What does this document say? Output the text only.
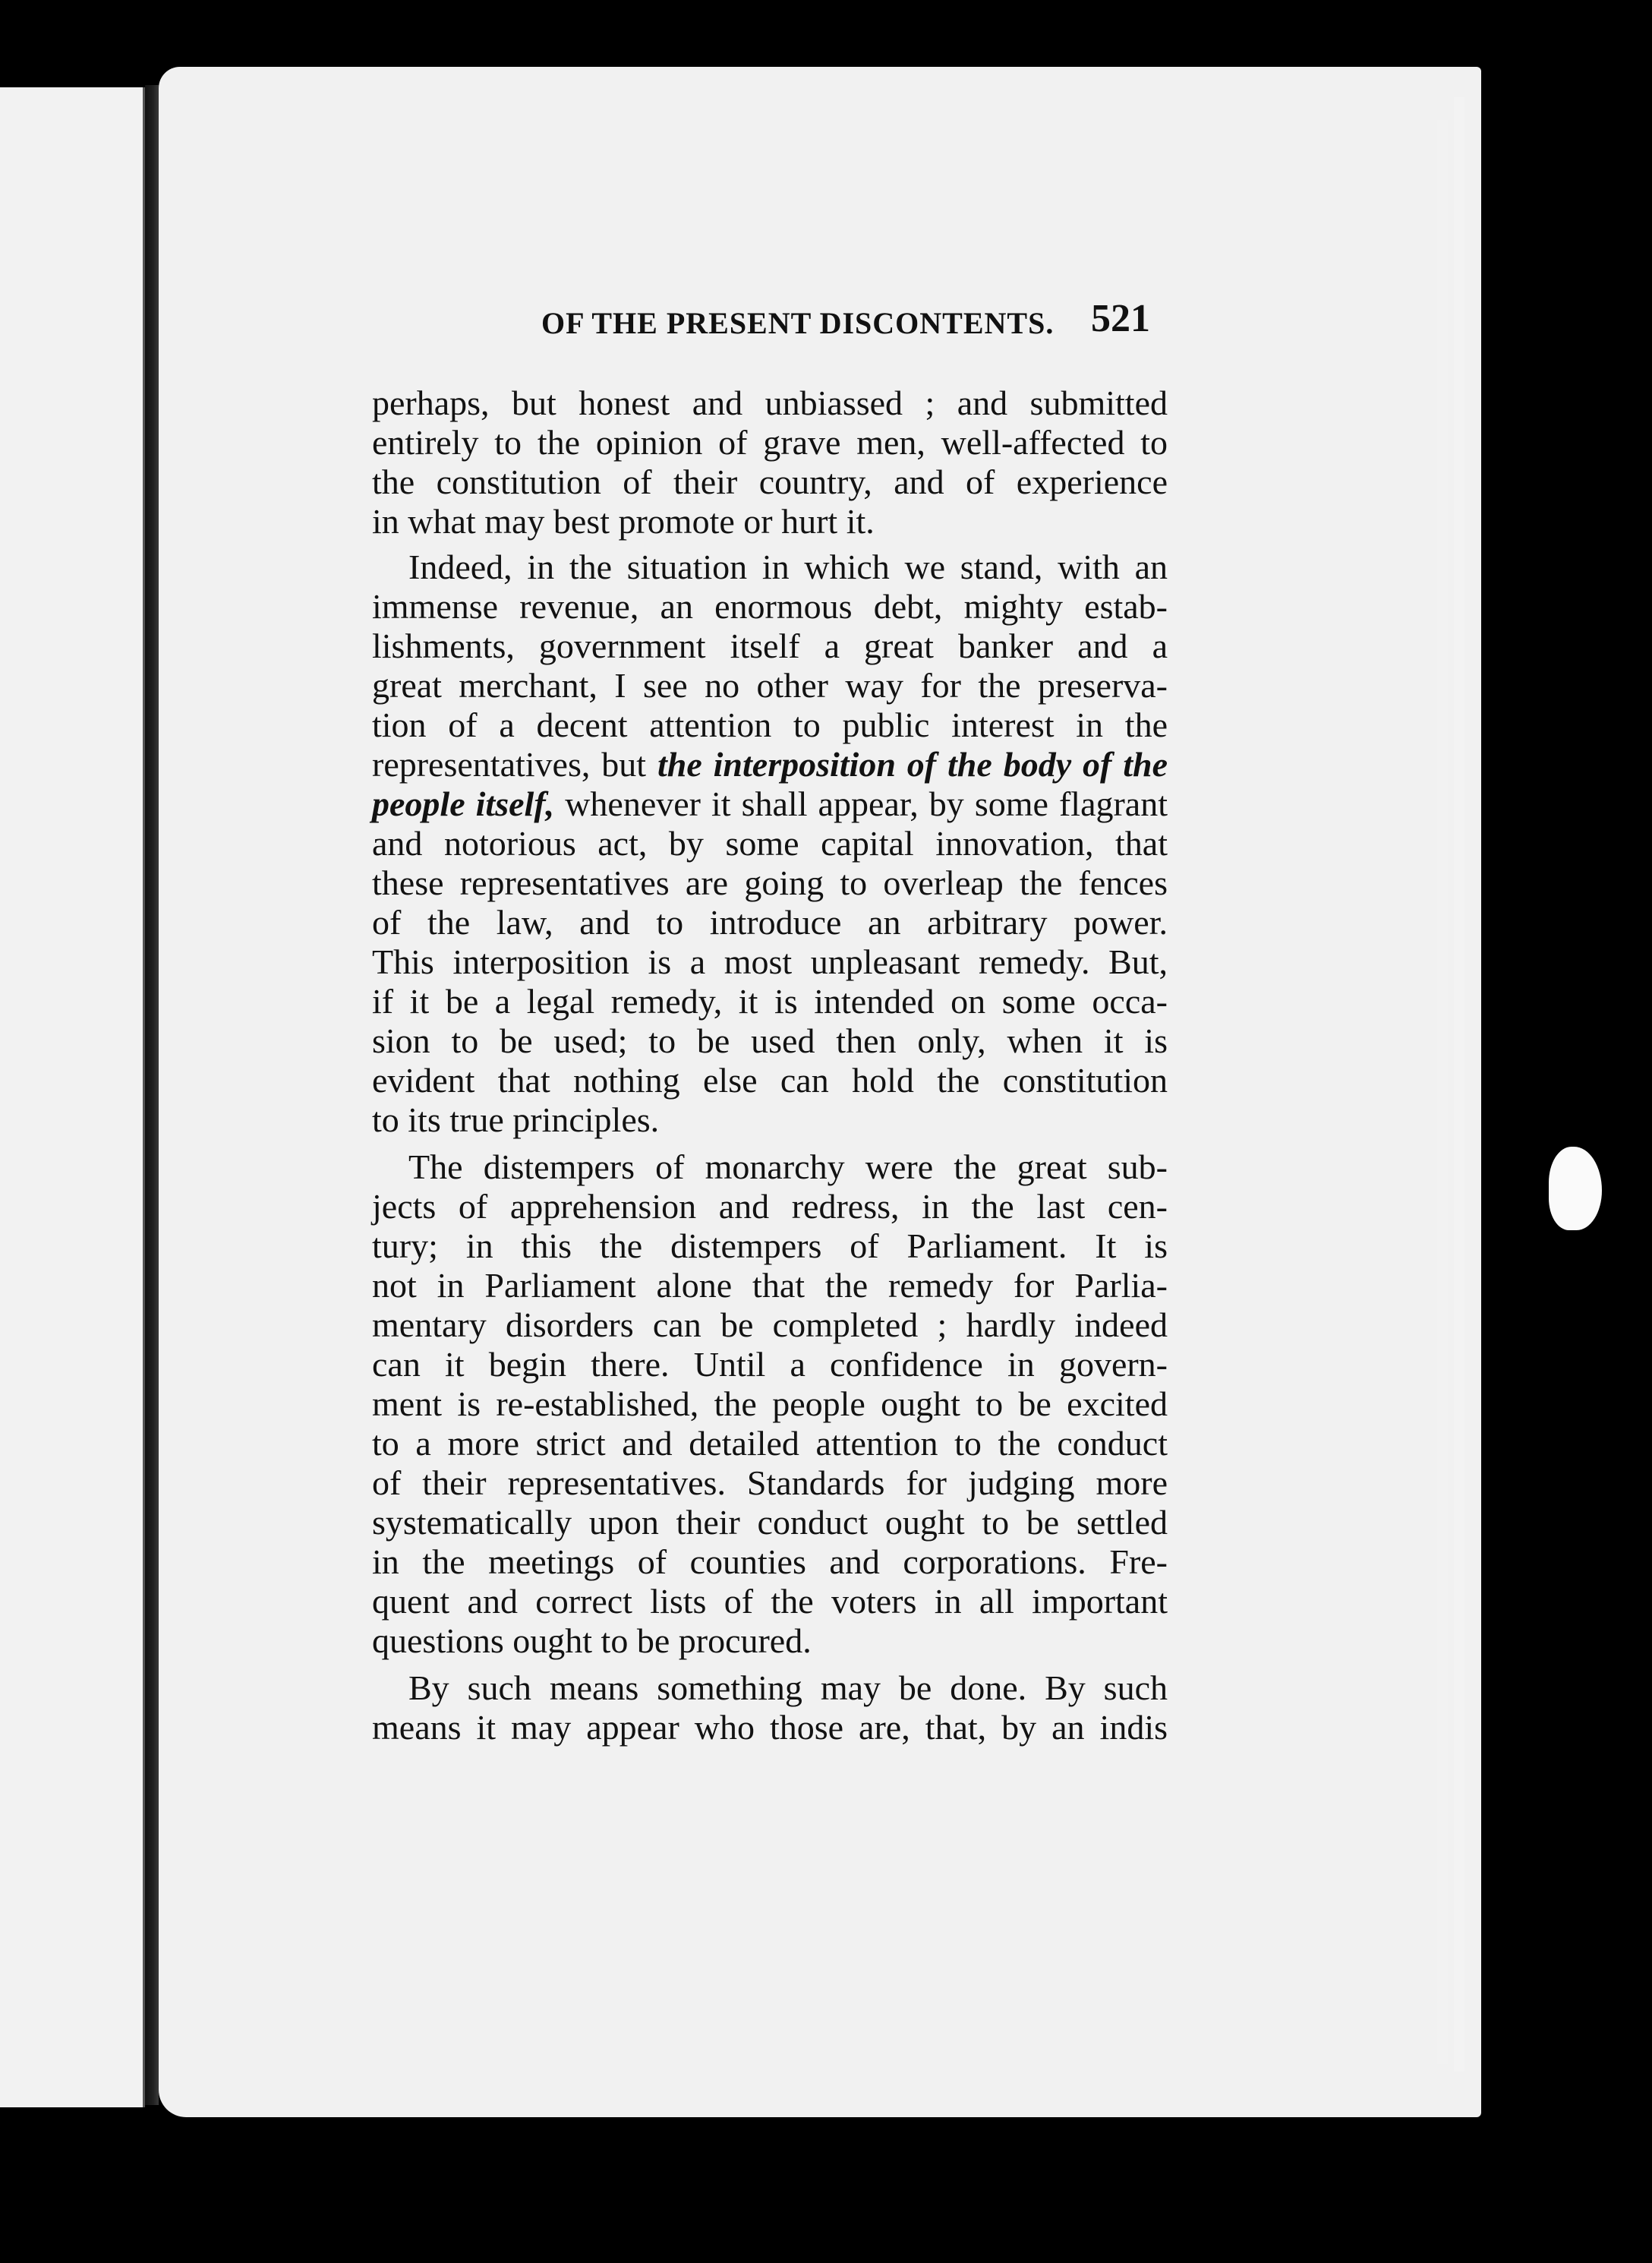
OF THE PRESENT DISCONTENTS. 521
perhaps, but honest and unbiassed ; and submitted
entirely to the opinion of grave men, well-affected to
the constitution of their country, and of experience
in what may best promote or hurt it.
Indeed, in the situation in which we stand, with an
immense revenue, an enormous debt, mighty estab-
lishments, government itself a great banker and a
great merchant, I see no other way for the preserva-
tion of a decent attention to public interest in the
representatives, but the interposition of the body of the
people itself, whenever it shall appear, by some flagrant
and notorious act, by some capital innovation, that
these representatives are going to overleap the fences
of the law, and to introduce an arbitrary power.
This interposition is a most unpleasant remedy. But,
if it be a legal remedy, it is intended on some occa-
sion to be used; to be used then only, when it is
evident that nothing else can hold the constitution
to its true principles.
The distempers of monarchy were the great sub-
jects of apprehension and redress, in the last cen-
tury; in this the distempers of Parliament. It is
not in Parliament alone that the remedy for Parlia-
mentary disorders can be completed ; hardly indeed
can it begin there. Until a confidence in govern-
ment is re-established, the people ought to be excited
to a more strict and detailed attention to the conduct
of their representatives. Standards for judging more
systematically upon their conduct ought to be settled
in the meetings of counties and corporations. Fre-
quent and correct lists of the voters in all important
questions ought to be procured.
By such means something may be done. By such
means it may appear who those are, that, by an indis
